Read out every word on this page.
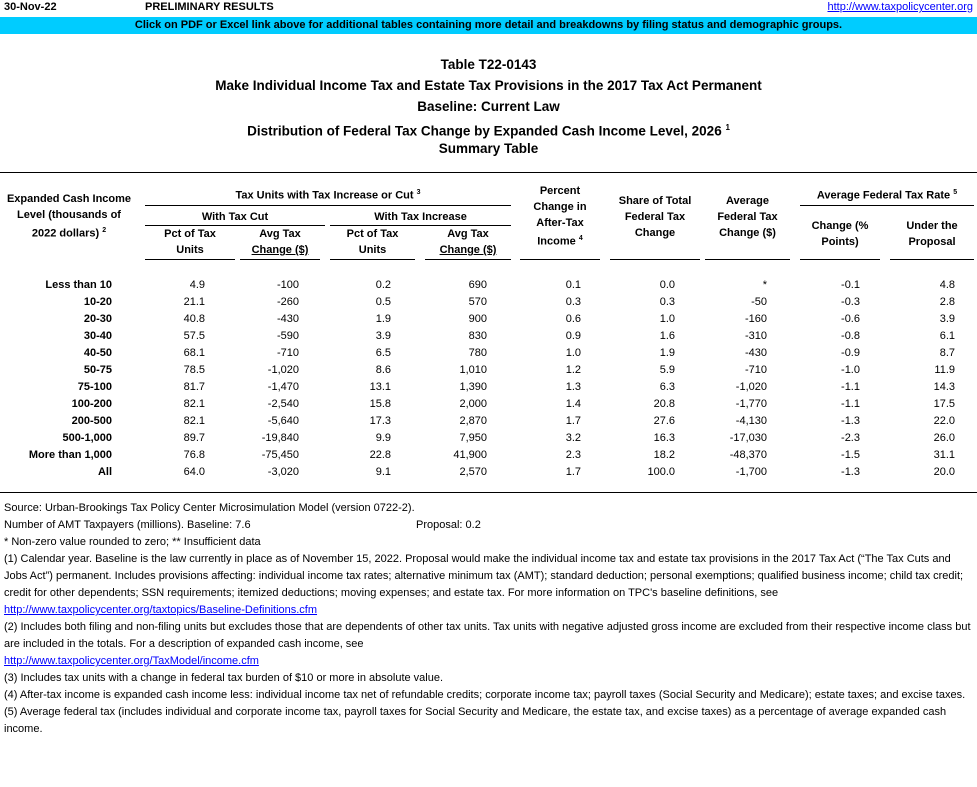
30-Nov-22	PRELIMINARY RESULTS	http://www.taxpolicycenter.org
Click on PDF or Excel link above for additional tables containing more detail and breakdowns by filing status and demographic groups.
Table T22-0143
Make Individual Income Tax and Estate Tax Provisions in the 2017 Tax Act Permanent
Baseline: Current Law
Distribution of Federal Tax Change by Expanded Cash Income Level, 2026 $^1$
Summary Table
Expanded Cash Income
Level (thousands of
2022 dollars) $^2$
Tax Units with Tax Increase or Cut $^3$
With Tax Cut	With Tax Increase
Pct of Tax
Units
Avg Tax
Change ($)
Pct of Tax
Units
Avg Tax
Change ($)
Percent
Change in
After-Tax
Income $^4$
Share of Total
Federal Tax
Change
Average
Federal Tax
Change ($)
Average Federal Tax Rate $^5$
Change (%
Points)
Under the
Proposal
Less than 10	4.9	-100	0.2	690	0.1	0.0	*	-0.1	4.8
10-20	21.1	-260	0.5	570	0.3	0.3	-50	-0.3	2.8
20-30	40.8	-430	1.9	900	0.6	1.0	-160	-0.6	3.9
30-40	57.5	-590	3.9	830	0.9	1.6	-310	-0.8	6.1
40-50	68.1	-710	6.5	780	1.0	1.9	-430	-0.9	8.7
50-75	78.5	-1,020	8.6	1,010	1.2	5.9	-710	-1.0	11.9
75-100	81.7	-1,470	13.1	1,390	1.3	6.3	-1,020	-1.1	14.3
100-200	82.1	-2,540	15.8	2,000	1.4	20.8	-1,770	-1.1	17.5
200-500	82.1	-5,640	17.3	2,870	1.7	27.6	-4,130	-1.3	22.0
500-1,000	89.7	-19,840	9.9	7,950	3.2	16.3	-17,030	-2.3	26.0
More than 1,000	76.8	-75,450	22.8	41,900	2.3	18.2	-48,370	-1.5	31.1
All	64.0	-3,020	9.1	2,570	1.7	100.0	-1,700	-1.3	20.0
Source: Urban-Brookings Tax Policy Center Microsimulation Model (version 0722-2).
Number of AMT Taxpayers (millions). Baseline: 7.6	Proposal: 0.2
* Non-zero value rounded to zero; ** Insufficient data
(1) Calendar year. Baseline is the law currently in place as of November 15, 2022. Proposal would make the individual income tax and estate tax provisions in the 2017 Tax Act (“The Tax Cuts and Jobs Act”) permanent. Includes provisions affecting: individual income tax rates; alternative minimum tax (AMT); standard deduction; personal exemptions; qualified business income; child tax credit; credit for other dependents; SSN requirements; itemized deductions; moving expenses; and estate tax. For more information on TPC's baseline definitions, see
http://www.taxpolicycenter.org/taxtopics/Baseline-Definitions.cfm
(2) Includes both filing and non-filing units but excludes those that are dependents of other tax units. Tax units with negative adjusted gross income are excluded from their respective income class but are included in the totals. For a description of expanded cash income, see
http://www.taxpolicycenter.org/TaxModel/income.cfm
(3) Includes tax units with a change in federal tax burden of $10 or more in absolute value.
(4) After-tax income is expanded cash income less: individual income tax net of refundable credits; corporate income tax; payroll taxes (Social Security and Medicare); estate taxes; and excise taxes.
(5) Average federal tax (includes individual and corporate income tax, payroll taxes for Social Security and Medicare, the estate tax, and excise taxes) as a percentage of average expanded cash income.
